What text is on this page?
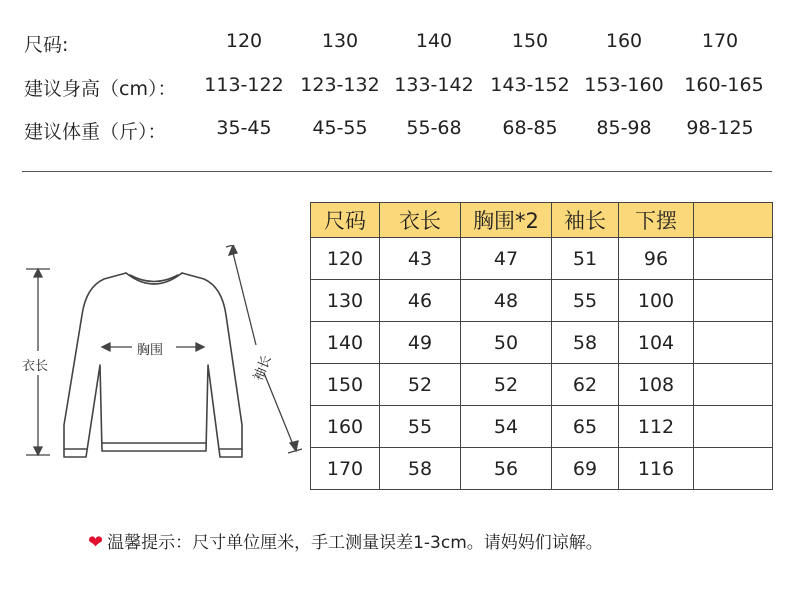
尺码:	120	130	140	150	160	170
建议身高（cm）：	113-122 123-132 133-142 143-152 153-160	160-165
建议体重（斤）：	35-45	45-55	55-68	68-85	85-98	98-125
衣长
胸围
袖长
尺码	衣长	胸围*2	袖长	下摆	
120	43	47	51	96	
130	46	48	55	100	
140	49	50	58	104	
150	52	52	62	108	
160	55	54	65	112	
170	58	56	69	116	
❤ 温馨提示：尺寸单位厘米，手工测量误差1-3cm。请妈妈们谅解。
